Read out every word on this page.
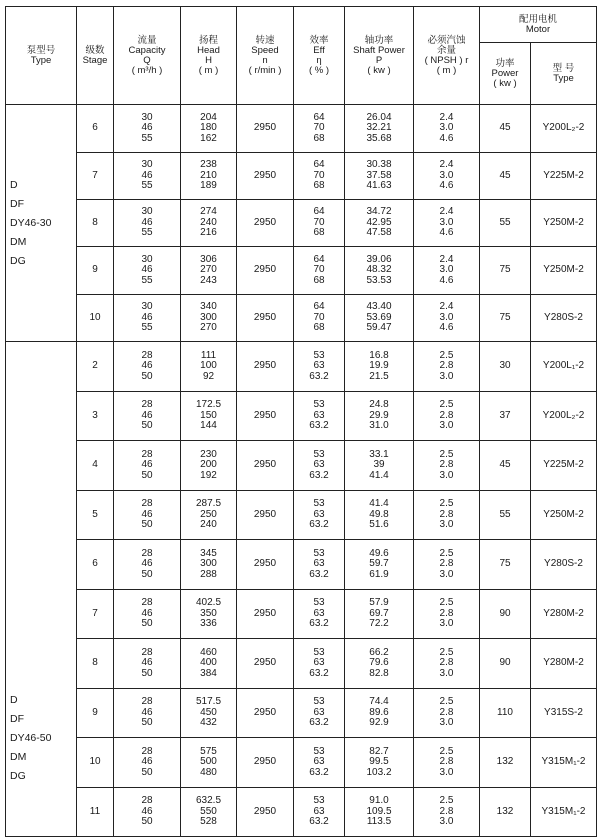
泵型号
Type	级数
Stage	流量
Capacity
Q
( m³/h )	扬程
Head
H
( m )	转速
Speed
n
( r/min )	效率
Eff
η
( % )	轴功率
Shaft Power
P
( kw )	必须汽蚀
余量
( NPSH ) r
( m )	配用电机
Motor	

								功率
Power
( kw )	型 号
Type

D
DF
DY46-30
DM
DG	6	30
46
55	204
180
162	2950	64
70
68	26.04
32.21
35.68	2.4
3.0
4.6	45	Y200L₂-2
	7	30
46
55	238
210
189	2950	64
70
68	30.38
37.58
41.63	2.4
3.0
4.6	45	Y225M-2
	8	30
46
55	274
240
216	2950	64
70
68	34.72
42.95
47.58	2.4
3.0
4.6	55	Y250M-2
	9	30
46
55	306
270
243	2950	64
70
68	39.06
48.32
53.53	2.4
3.0
4.6	75	Y250M-2
	10	30
46
55	340
300
270	2950	64
70
68	43.40
53.69
59.47	2.4
3.0
4.6	75	Y280S-2
D
DF
DY46-50
DM
DG	2	28
46
50	111
100
92	2950	53
63
63.2	16.8
19.9
21.5	2.5
2.8
3.0	30	Y200L₁-2
	3	28
46
50	172.5
150
144	2950	53
63
63.2	24.8
29.9
31.0	2.5
2.8
3.0	37	Y200L₂-2
	4	28
46
50	230
200
192	2950	53
63
63.2	33.1
39
41.4	2.5
2.8
3.0	45	Y225M-2
	5	28
46
50	287.5
250
240	2950	53
63
63.2	41.4
49.8
51.6	2.5
2.8
3.0	55	Y250M-2
	6	28
46
50	345
300
288	2950	53
63
63.2	49.6
59.7
61.9	2.5
2.8
3.0	75	Y280S-2
	7	28
46
50	402.5
350
336	2950	53
63
63.2	57.9
69.7
72.2	2.5
2.8
3.0	90	Y280M-2
	8	28
46
50	460
400
384	2950	53
63
63.2	66.2
79.6
82.8	2.5
2.8
3.0	90	Y280M-2
	9	28
46
50	517.5
450
432	2950	53
63
63.2	74.4
89.6
92.9	2.5
2.8
3.0	110	Y315S-2
	10	28
46
50	575
500
480	2950	53
63
63.2	82.7
99.5
103.2	2.5
2.8
3.0	132	Y315M₁-2
	11	28
46
50	632.5
550
528	2950	53
63
63.2	91.0
109.5
113.5	2.5
2.8
3.0	132	Y315M₁-2
